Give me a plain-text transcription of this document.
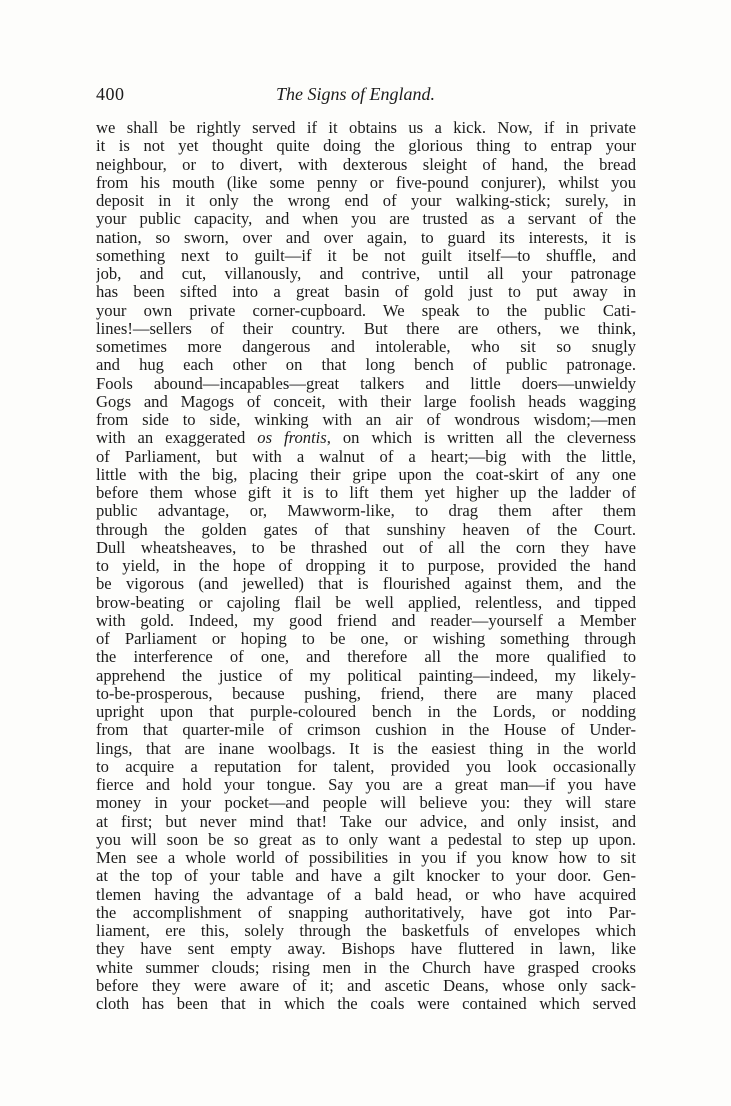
400	The Signs of England.
we shall be rightly served if it obtains us a kick. Now, if in private
it is not yet thought quite doing the glorious thing to entrap your
neighbour, or to divert, with dexterous sleight of hand, the bread
from his mouth (like some penny or five-pound conjurer), whilst you
deposit in it only the wrong end of your walking-stick; surely, in
your public capacity, and when you are trusted as a servant of the
nation, so sworn, over and over again, to guard its interests, it is
something next to guilt—if it be not guilt itself—to shuffle, and
job, and cut, villanously, and contrive, until all your patronage
has been sifted into a great basin of gold just to put away in
your own private corner-cupboard. We speak to the public Cati-
lines!—sellers of their country. But there are others, we think,
sometimes more dangerous and intolerable, who sit so snugly
and hug each other on that long bench of public patronage.
Fools abound—incapables—great talkers and little doers—unwieldy
Gogs and Magogs of conceit, with their large foolish heads wagging
from side to side, winking with an air of wondrous wisdom;—men
with an exaggerated os frontis, on which is written all the cleverness
of Parliament, but with a walnut of a heart;—big with the little,
little with the big, placing their gripe upon the coat-skirt of any one
before them whose gift it is to lift them yet higher up the ladder of
public advantage, or, Mawworm-like, to drag them after them
through the golden gates of that sunshiny heaven of the Court.
Dull wheatsheaves, to be thrashed out of all the corn they have
to yield, in the hope of dropping it to purpose, provided the hand
be vigorous (and jewelled) that is flourished against them, and the
brow-beating or cajoling flail be well applied, relentless, and tipped
with gold. Indeed, my good friend and reader—yourself a Member
of Parliament or hoping to be one, or wishing something through
the interference of one, and therefore all the more qualified to
apprehend the justice of my political painting—indeed, my likely-
to-be-prosperous, because pushing, friend, there are many placed
upright upon that purple-coloured bench in the Lords, or nodding
from that quarter-mile of crimson cushion in the House of Under-
lings, that are inane woolbags. It is the easiest thing in the world
to acquire a reputation for talent, provided you look occasionally
fierce and hold your tongue. Say you are a great man—if you have
money in your pocket—and people will believe you: they will stare
at first; but never mind that! Take our advice, and only insist, and
you will soon be so great as to only want a pedestal to step up upon.
Men see a whole world of possibilities in you if you know how to sit
at the top of your table and have a gilt knocker to your door. Gen-
tlemen having the advantage of a bald head, or who have acquired
the accomplishment of snapping authoritatively, have got into Par-
liament, ere this, solely through the basketfuls of envelopes which
they have sent empty away. Bishops have fluttered in lawn, like
white summer clouds; rising men in the Church have grasped crooks
before they were aware of it; and ascetic Deans, whose only sack-
cloth has been that in which the coals were contained which served
